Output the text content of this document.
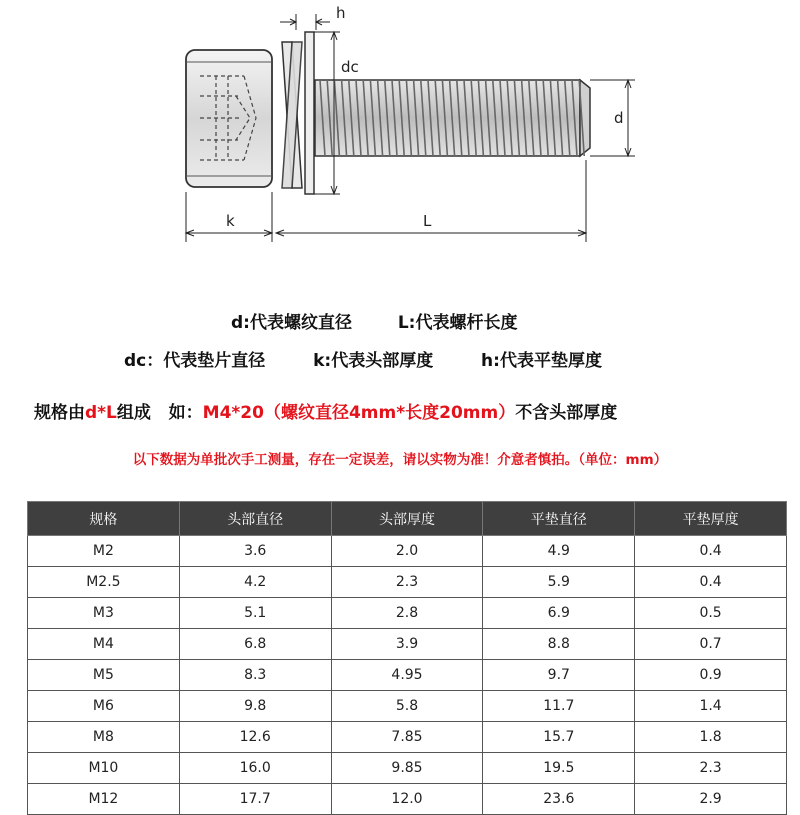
h
dc
d
k	L
d:代表螺纹直径	L:代表螺杆长度
dc：代表垫片直径	k:代表头部厚度	h:代表平垫厚度
规格由d*L组成   如：M4*20（螺纹直径4mm*长度20mm）不含头部厚度
以下数据为单批次手工测量，存在一定误差，请以实物为准！介意者慎拍。（单位：mm）
规格	头部直径	头部厚度	平垫直径	平垫厚度
M2	3.6	2.0	4.9	0.4
M2.5	4.2	2.3	5.9	0.4
M3	5.1	2.8	6.9	0.5
M4	6.8	3.9	8.8	0.7
M5	8.3	4.95	9.7	0.9
M6	9.8	5.8	11.7	1.4
M8	12.6	7.85	15.7	1.8
M10	16.0	9.85	19.5	2.3
M12	17.7	12.0	23.6	2.9
